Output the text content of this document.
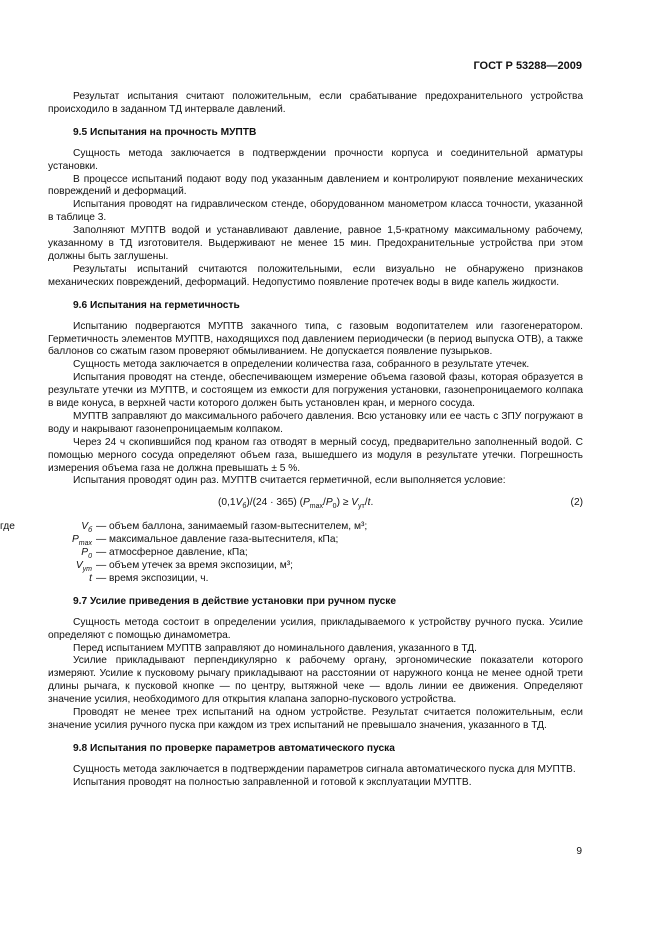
ГОСТ Р 53288—2009

Результат испытания считают положительным, если срабатывание предохранительного устройства происходило в заданном ТД интервале давлений.

9.5 Испытания на прочность МУПТВ

Сущность метода заключается в подтверждении прочности корпуса и соединительной арматуры установки.

В процессе испытаний подают воду под указанным давлением и контролируют появление механических повреждений и деформаций.

Испытания проводят на гидравлическом стенде, оборудованном манометром класса точности, указанной в таблице 3.

Заполняют МУПТВ водой и устанавливают давление, равное 1,5-кратному максимальному рабочему, указанному в ТД изготовителя. Выдерживают не менее 15 мин. Предохранительные устройства при этом должны быть заглушены.

Результаты испытаний считаются положительными, если визуально не обнаружено признаков механических повреждений, деформаций. Недопустимо появление протечек воды в виде капель жидкости.

9.6 Испытания на герметичность

Испытанию подвергаются МУПТВ закачного типа, с газовым водопитателем или газогенератором. Герметичность элементов МУПТВ, находящихся под давлением периодически (в период выпуска ОТВ), а также баллонов со сжатым газом проверяют обмыливанием. Не допускается появление пузырьков.

Сущность метода заключается в определении количества газа, собранного в результате утечек.

Испытания проводят на стенде, обеспечивающем измерение объема газовой фазы, которая образуется в результате утечки из МУПТВ, и состоящем из емкости для погружения установки, газонепроницаемого колпака в виде конуса, в верхней части которого должен быть установлен кран, и мерного сосуда.

МУПТВ заправляют до максимального рабочего давления. Всю установку или ее часть с ЗПУ погружают в воду и накрывают газонепроницаемым колпаком.

Через 24 ч скопившийся под краном газ отводят в мерный сосуд, предварительно заполненный водой. С помощью мерного сосуда определяют объем газа, вышедшего из модуля в результате утечки. Погрешность измерения объема газа не должна превышать ± 5 %.

Испытания проводят один раз. МУПТВ считается герметичной, если выполняется условие:

$(0,1V_б)/(24 \cdot 365) (P_{max}/P_0) \ge V_{ут}/t$.	(2)
где	$V_б$ — объем баллона, занимаемый газом-вытеснителем, м³;
$P_{max}$ — максимальное давление газа-вытеснителя, кПа;
$P_0$ — атмосферное давление, кПа;
$V_{ут}$ — объем утечек за время экспозиции, м³;
t — время экспозиции, ч.
9.7 Усилие приведения в действие установки при ручном пуске

Сущность метода состоит в определении усилия, прикладываемого к устройству ручного пуска. Усилие определяют с помощью динамометра.

Перед испытанием МУПТВ заправляют до номинального давления, указанного в ТД.

Усилие прикладывают перпендикулярно к рабочему органу, эргономические показатели которого измеряют. Усилие к пусковому рычагу прикладывают на расстоянии от наружного конца не менее одной трети длины рычага, к пусковой кнопке — по центру, вытяжной чеке — вдоль линии ее движения. Определяют значение усилия, необходимого для открытия клапана запорно-пускового устройства.

Проводят не менее трех испытаний на одном устройстве. Результат считается положительным, если значение усилия ручного пуска при каждом из трех испытаний не превышало значения, указанного в ТД.

9.8 Испытания по проверке параметров автоматического пуска

Сущность метода заключается в подтверждении параметров сигнала автоматического пуска для МУПТВ.

Испытания проводят на полностью заправленной и готовой к эксплуатации МУПТВ.

9
